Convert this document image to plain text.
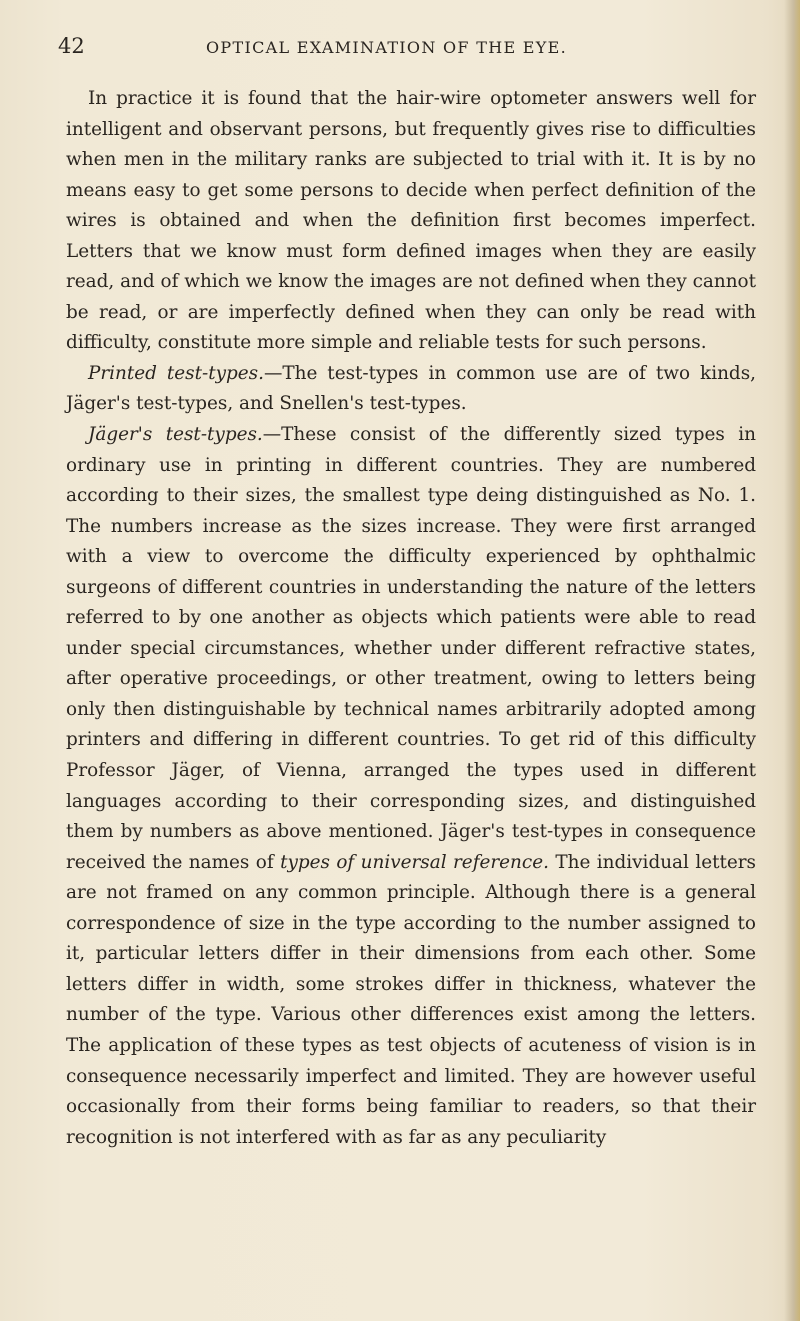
42	OPTICAL EXAMINATION OF THE EYE.

In practice it is found that the hair-wire optometer answers well for intelligent and observant persons, but frequently gives rise to difficulties when men in the military ranks are subjected to trial with it. It is by no means easy to get some persons to decide when perfect definition of the wires is obtained and when the definition first becomes imperfect. Letters that we know must form defined images when they are easily read, and of which we know the images are not defined when they cannot be read, or are imperfectly defined when they can only be read with difficulty, constitute more simple and reliable tests for such persons.

Printed test-types.—The test-types in common use are of two kinds, Jäger's test-types, and Snellen's test-types.

Jäger's test-types.—These consist of the differently sized types in ordinary use in printing in different countries. They are numbered according to their sizes, the smallest type deing distinguished as No. 1. The numbers increase as the sizes increase. They were first arranged with a view to overcome the difficulty experienced by ophthalmic surgeons of different countries in understanding the nature of the letters referred to by one another as objects which patients were able to read under special circumstances, whether under different refractive states, after operative proceedings, or other treatment, owing to letters being only then distinguishable by technical names arbitrarily adopted among printers and differing in different countries. To get rid of this difficulty Professor Jäger, of Vienna, arranged the types used in different languages according to their corresponding sizes, and distinguished them by numbers as above mentioned. Jäger's test-types in consequence received the names of types of universal reference. The individual letters are not framed on any common principle. Although there is a general correspondence of size in the type according to the number assigned to it, particular letters differ in their dimensions from each other. Some letters differ in width, some strokes differ in thickness, whatever the number of the type. Various other differences exist among the letters. The application of these types as test objects of acuteness of vision is in consequence necessarily imperfect and limited. They are however useful occasionally from their forms being familiar to readers, so that their recognition is not interfered with as far as any peculiarity
